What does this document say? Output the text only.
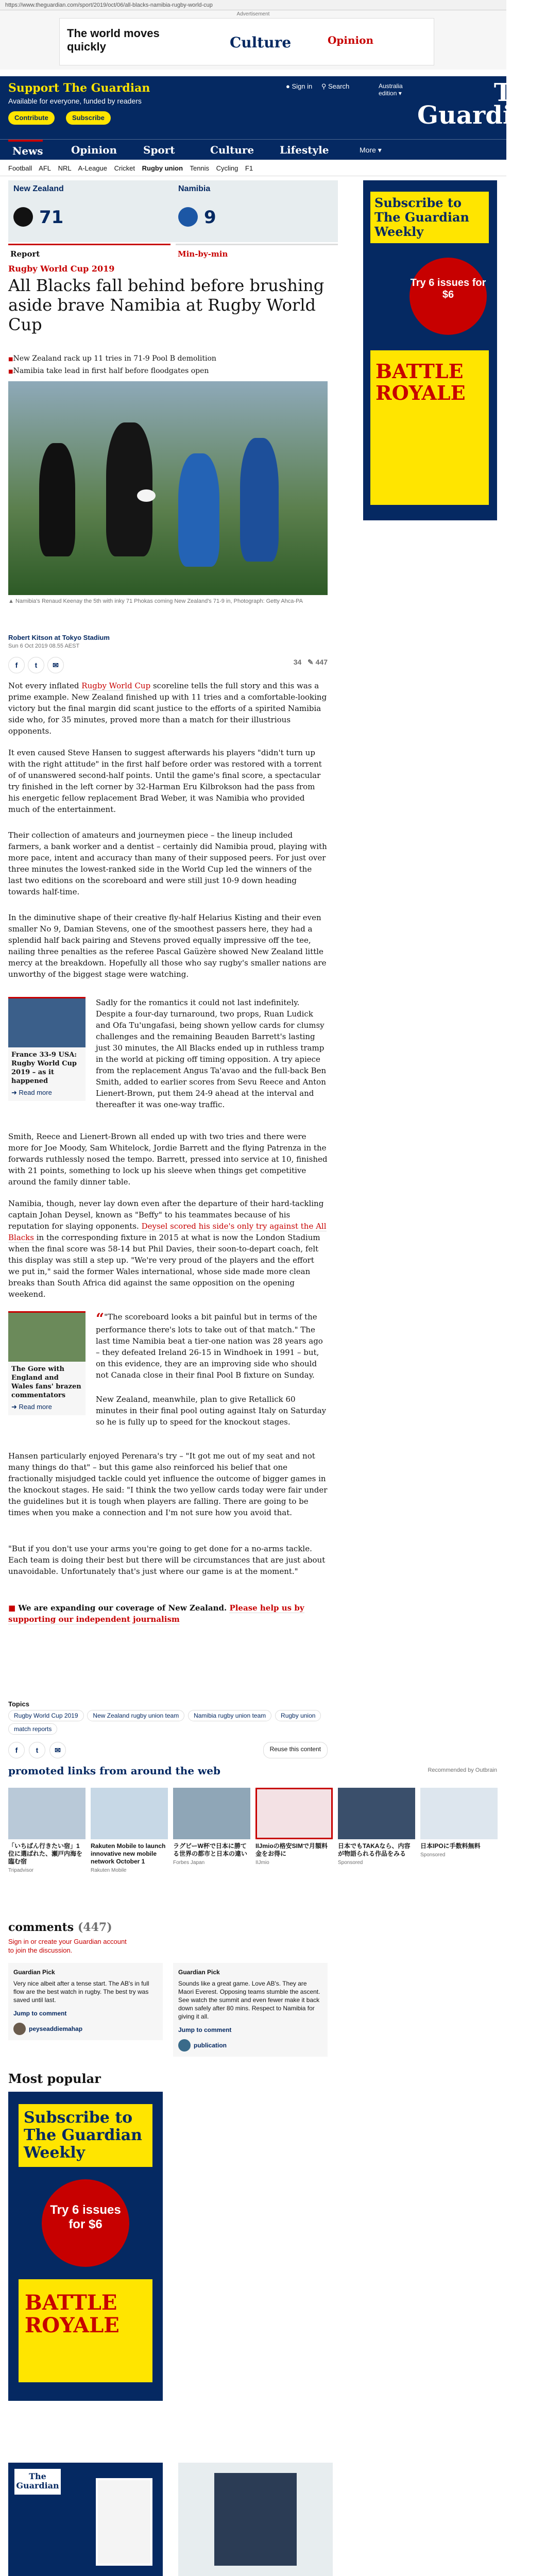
https://www.theguardian.com/sport/2019/oct/06/all-blacks-namibia-rugby-world-cup
Advertisement
The world moves quickly	Culture	Opinion
Support The Guardian
Available for everyone, funded by readers
Contribute	Subscribe
● Sign in ⚲ Search	Australia edition ▾	The
Guardian
News	Opinion	Sport	Culture	Lifestyle	More ▾
Football AFL NRL A-League Cricket Rugby union Tennis Cycling F1
New Zealand
71
Namibia
9
Report	Min-by-min
Rugby World Cup 2019
All Blacks fall behind before brushing aside brave Namibia at Rugby World Cup
■ New Zealand rack up 11 tries in 71-9 Pool B demolition
■ Namibia take lead in first half before floodgates open
▲ Namibia's Renaud Keenay the 5th with inky 71 Phokas coming New Zealand's 71-9 in, Photograph: Getty Ahca-PA
Robert Kitson at Tokyo Stadium
Sun 6 Oct 2019 08.55 AEST
f	t	✉	34 ✎ 447
Subscribe to The Guardian Weekly
Try 6 issues for $6
BATTLE ROYALE

Not every inflated Rugby World Cup scoreline tells the full story and this was a prime example. New Zealand finished up with 11 tries and a comfortable-looking victory but the final margin did scant justice to the efforts of a spirited Namibia side who, for 35 minutes, proved more than a match for their illustrious opponents.

It even caused Steve Hansen to suggest afterwards his players "didn't turn up with the right attitude" in the first half before order was restored with a torrent of of unanswered second-half points. Until the game's final score, a spectacular try finished in the left corner by 32-Harman Eru Kilbrokson had the pass from his energetic fellow replacement Brad Weber, it was Namibia who provided much of the entertainment.

Their collection of amateurs and journeymen piece – the lineup included farmers, a bank worker and a dentist – certainly did Namibia proud, playing with more pace, intent and accuracy than many of their supposed peers. For just over three minutes the lowest-ranked side in the World Cup led the winners of the last two editions on the scoreboard and were still just 10-9 down heading towards half-time.

In the diminutive shape of their creative fly-half Helarius Kisting and their even smaller No 9, Damian Stevens, one of the smoothest passers here, they had a splendid half back pairing and Stevens proved equally impressive off the tee, nailing three penalties as the referee Pascal Gaüzère showed New Zealand little mercy at the breakdown. Hopefully all those who say rugby's smaller nations are unworthy of the biggest stage were watching.

France 33-9 USA: Rugby World Cup 2019 – as it happened
➜ Read more

Sadly for the romantics it could not last indefinitely. Despite a four-day turnaround, two props, Ruan Ludick and Ofa Tu'ungafasi, being shown yellow cards for clumsy challenges and the remaining Beauden Barrett's lasting just 30 minutes, the All Blacks ended up in ruthless tramp in the world at picking off timing opposition. A try apiece from the replacement Angus Ta'avao and the full-back Ben Smith, added to earlier scores from Sevu Reece and Anton Lienert-Brown, put them 24-9 ahead at the interval and thereafter it was one-way traffic.

Smith, Reece and Lienert-Brown all ended up with two tries and there were more for Joe Moody, Sam Whitelock, Jordie Barrett and the flying Patrenza in the forwards ruthlessly nosed the tempo. Barrett, pressed into service at 10, finished with 21 points, something to lock up his sleeve when things get competitive around the family dinner table.

Namibia, though, never lay down even after the departure of their hard-tackling captain Johan Deysel, known as "Beffy" to his teammates because of his reputation for slaying opponents. Deysel scored his side's only try against the All Blacks in the corresponding fixture in 2015 at what is now the London Stadium when the final score was 58-14 but Phil Davies, their soon-to-depart coach, felt this display was still a step up. "We're very proud of the players and the effort we put in," said the former Wales international, whose side made more clean breaks than South Africa did against the same opposition on the opening weekend.

The Gore with England and Wales fans' brazen commentators
➜ Read more

“"The scoreboard looks a bit painful but in terms of the performance there's lots to take out of that match." The last time Namibia beat a tier-one nation was 28 years ago – they defeated Ireland 26-15 in Windhoek in 1991 – but, on this evidence, they are an improving side who should not Canada close in their final Pool B fixture on Sunday.

New Zealand, meanwhile, plan to give Retallick 60 minutes in their final pool outing against Italy on Saturday so he is fully up to speed for the knockout stages.

Hansen particularly enjoyed Perenara's try – "It got me out of my seat and not many things do that" – but this game also reinforced his belief that one fractionally misjudged tackle could yet influence the outcome of bigger games in the knockout stages. He said: "I think the two yellow cards today were fair under the guidelines but it is tough when players are falling. There are going to be times when you make a connection and I'm not sure how you avoid that.

"But if you don't use your arms you're going to get done for a no-arms tackle. Each team is doing their best but there will be circumstances that are just about unavoidable. Unfortunately that's just where our game is at the moment."

■ We are expanding our coverage of New Zealand. Please help us by supporting our independent journalism
Topics
Rugby World Cup 2019 New Zealand rugby union team Namibia rugby union team Rugby union match reports
f	t	✉	Reuse this content
promoted links from around the web	Recommended by Outbrain
「いちばん行きたい宿」1位に選ばれた、瀬戸内海を臨む宿
Tripadvisor
Rakuten Mobile to launch innovative new mobile network October 1
Rakuten Mobile
ラグビーW杯で日本に勝てる世界の都市と日本の違い
Forbes Japan
IIJmioの格安SIMで月額料金をお得に
IIJmio
日本でもTAKAなら、内容が物語られる作品をみる
Sponsored
日本IPOに手数料無料
Sponsored
comments (447)
Sign in or create your Guardian account to join the discussion.
Guardian Pick
Very nice albeit after a tense start. The AB's in full flow are the best watch in rugby. The best try was saved until last.
Jump to comment
peyseaddiemahap
Guardian Pick
Sounds like a great game. Love AB's. They are Maori Everest. Opposing teams stumble the ascent. See watch the summit and even fewer make it back down safely after 80 mins. Respect to Namibia for giving it all.
Jump to comment
publication
Most popular
Subscribe to The Guardian Weekly
Try 6 issues for $6
BATTLE ROYALE
The
Guardian
